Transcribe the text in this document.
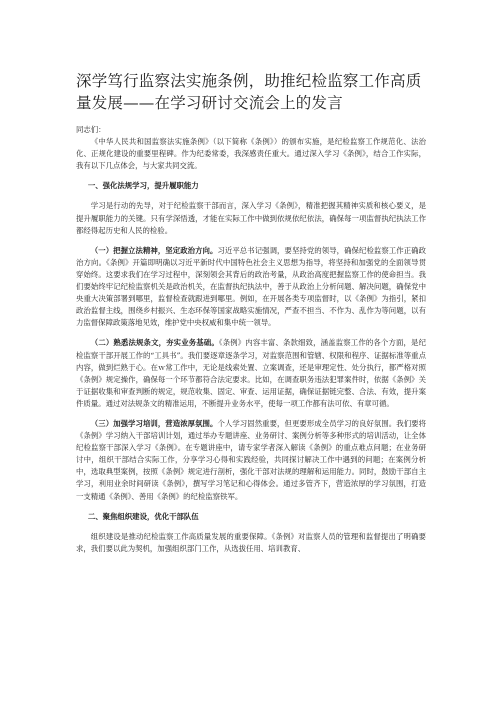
深学笃行监察法实施条例，助推纪检监察工作高质量发展——在学习研讨交流会上的发言

同志们：

《中华人民共和国监察法实施条例》（以下简称《条例》）的颁布实施，是纪检监察工作规范化、法治化、正规化建设的重要里程碑。作为纪委常委，我深感责任重大。通过深入学习《条例》，结合工作实际，我有以下几点体会，与大家共同交流。

一、强化法规学习，提升履职能力

学习是行动的先导，对于纪检监察干部而言，深入学习《条例》，精准把握其精神实质和核心要义，是提升履职能力的关键。只有学深悟透，才能在实际工作中做到依规依纪依法，确保每一项监督执纪执法工作都经得起历史和人民的检验。

（一）把握立法精神，坚定政治方向。习近平总书记强调，要坚持党的领导，确保纪检监察工作正确政治方向。《条例》开篇即明确以习近平新时代中国特色社会主义思想为指导，将坚持和加强党的全面领导贯穿始终。这要求我们在学习过程中，深刻领会其背后的政治考量，从政治高度把握监察工作的使命担当。我们要始终牢记纪检监察机关是政治机关，在监督执纪执法中，善于从政治上分析问题、解决问题，确保党中央重大决策部署到哪里，监督检查就跟进到哪里。例如，在开展各类专项监督时，以《条例》为指引，紧扣政治监督主线，围绕乡村振兴、生态环保等国家战略实施情况，严查不担当、不作为、乱作为等问题，以有力监督保障政策落地见效，维护党中央权威和集中统一领导。

（二）熟悉法规条文，夯实业务基础。《条例》内容丰富、条款细致，涵盖监察工作的各个方面，是纪检监察干部开展工作的“工具书”。我们要逐章逐条学习，对监察范围和管辖、权限和程序、证据标准等重点内容，做到烂熟于心。在ｗ常工作中，无论是线索处置、立案调查，还是审理定性、处分执行，都严格对照《条例》规定操作，确保每一个环节都符合法定要求。比如，在调查职务违法犯罪案件时，依据《条例》关于证据收集和审查判断的规定，规范收集、固定、审查、运用证据，确保证据链完整、合法、有效，提升案件质量。通过对法规条文的精准运用，不断提升业务水平，使每一项工作都有法可依、有章可循。

（三）加强学习培训，营造浓厚氛围。个人学习固然重要，但更要形成全员学习的良好氛围。我们要将《条例》学习纳入干部培训计划，通过举办专题讲座、业务研讨、案例分析等多种形式的培训活动，让全体纪检监察干部深入学习《条例》。在专题讲座中，请专家学者深入解读《条例》的重点难点问题；在业务研讨中，组织干部结合实际工作，分享学习心得和实践经验，共同探讨解决工作中遇到的问题；在案例分析中，选取典型案例，按照《条例》规定进行剖析，强化干部对法规的理解和运用能力。同时，鼓励干部自主学习，利用业余时间研读《条例》，撰写学习笔记和心得体会。通过多管齐下，营造浓厚的学习氛围，打造一支精通《条例》、善用《条例》的纪检监察铁军。

二、聚焦组织建设，优化干部队伍

组织建设是推动纪检监察工作高质量发展的重要保障。《条例》对监察人员的管理和监督提出了明确要求，我们要以此为契机，加强组织部门工作，从选拔任用、培训教育、
